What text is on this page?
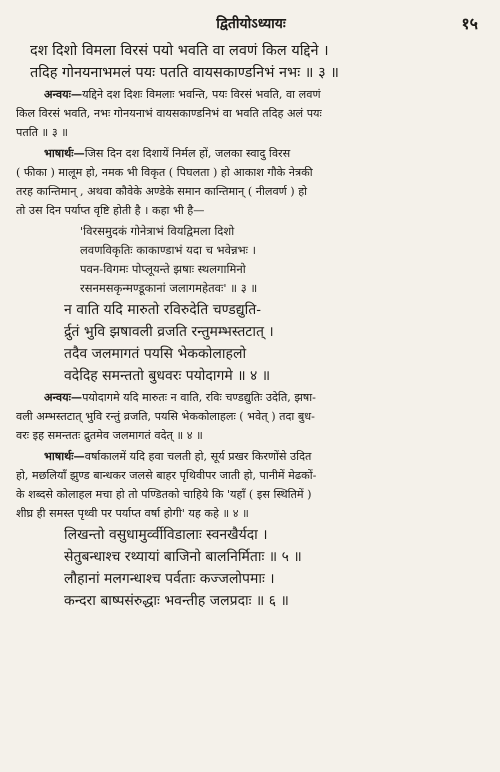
द्वितीयोऽध्यायः	१५
दश दिशो विमला विरसं पयो भवति वा लवणं किल यद्दिने ।
तदिह गोनयनाभमलं पयः पतति वायसकाण्डनिभं नभः ॥ ३ ॥
अन्वयः—यद्दिने दश दिशः विमलाः भवन्ति, पयः विरसं भवति, वा लवणं
किल विरसं भवति, नभः गोनयनाभं वायसकाण्डनिभं वा भवति तदिह अलं पयः
पतति ॥ ३ ॥
भाषार्थः—जिस दिन दश दिशायें निर्मल हों, जलका स्वादु विरस
( फीका ) मालूम हो, नमक भी विकृत ( पिघलता ) हो आकाश गौके नेत्रकी
तरह कान्तिमान् , अथवा कौवेके अण्डेके समान कान्तिमान् ( नीलवर्ण ) हो
तो उस दिन पर्याप्त वृष्टि होती है । कहा भी है—
'विरसमुदकं गोनेत्राभं वियद्विमला दिशो
लवणविकृतिः काकाण्डाभं यदा च भवेन्नभः ।
पवन-विगमः पोप्लूयन्ते झषाः स्थलगामिनो
रसनमसकृन्मण्डूकानां जलागमहेतवः' ॥ ३ ॥
न वाति यदि मारुतो रविरुदेति चण्डद्युति-
र्द्रुतं भुवि झषावली व्रजति रन्तुमम्भस्तटात् ।
तदैव जलमागतं पयसि भेककोलाहलो
वदेदिह समन्ततो बुधवरः पयोदागमे ॥ ४ ॥
अन्वयः—पयोदागमे यदि मारुतः न वाति, रविः चण्डद्युतिः उदेति, झषा-
वली अम्भस्तटात् भुवि रन्तुं व्रजति, पयसि भेककोलाहलः ( भवेत् ) तदा बुध-
वरः इह समन्ततः द्रुतमेव जलमागतं वदेत् ॥ ४ ॥
भाषार्थः—वर्षाकालमें यदि हवा चलती हो, सूर्य प्रखर किरणोंसे उदित
हो, मछलियाँ झुण्ड बान्धकर जलसे बाहर पृथिवीपर जाती हो, पानीमें मेढकों-
के शब्दसे कोलाहल मचा हो तो पण्डितको चाहिये कि 'यहाँ ( इस स्थितिमें )
शीघ्र ही समस्त पृथ्वी पर पर्याप्त वर्षा होगी' यह कहे ॥ ४ ॥
लिखन्तो वसुधामुर्व्वीविडालाः स्वनखैर्यदा ।
सेतुबन्धाश्च रथ्यायां बाजिनो बालनिर्मिताः ॥ ५ ॥
लौहानां मलगन्धाश्च पर्वताः कज्जलोपमाः ।
कन्दरा बाष्पसंरुद्धाः भवन्तीह जलप्रदाः ॥ ६ ॥
